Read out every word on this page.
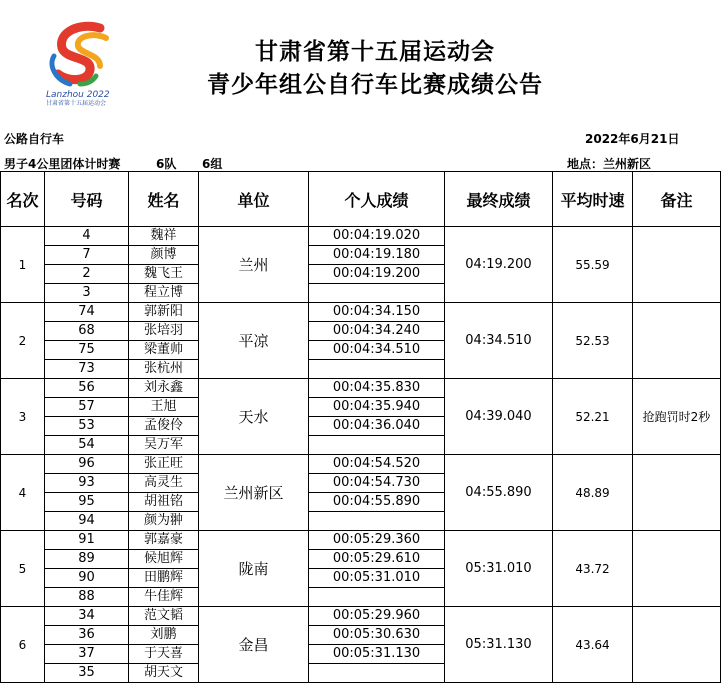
Lanzhou 2022
甘肃省第十五届运动会
甘肃省第十五届运动会
青少年组公自行车比赛成绩公告
公路自行车	2022年6月21日
男子4公里团体计时赛	6队 6组	地点：兰州新区
名次	号码	姓名	单位	个人成绩	最终成绩	平均时速	备注
1	4	魏祥	兰州	00:04:19.020	04:19.200	55.59	
	7	颜博		00:04:19.180			
	2	魏飞王		00:04:19.200			
	3	程立博					
2	74	郭新阳	平凉	00:04:34.150	04:34.510	52.53	
	68	张培羽		00:04:34.240			
	75	梁董帅		00:04:34.510			
	73	张杭州					
3	56	刘永鑫	天水	00:04:35.830	04:39.040	52.21	抢跑罚时2秒
	57	王旭		00:04:35.940			
	53	孟俊伶		00:04:36.040			
	54	吴万军					
4	96	张正旺	兰州新区	00:04:54.520	04:55.890	48.89	
	93	高灵生		00:04:54.730			
	95	胡祖铭		00:04:55.890			
	94	颜为翀					
5	91	郭嘉豪	陇南	00:05:29.360	05:31.010	43.72	
	89	候旭辉		00:05:29.610			
	90	田鹏辉		00:05:31.010			
	88	牛佳辉					
6	34	范文韬	金昌	00:05:29.960	05:31.130	43.64	
	36	刘鹏		00:05:30.630			
	37	于天喜		00:05:31.130			
	35	胡天文					
